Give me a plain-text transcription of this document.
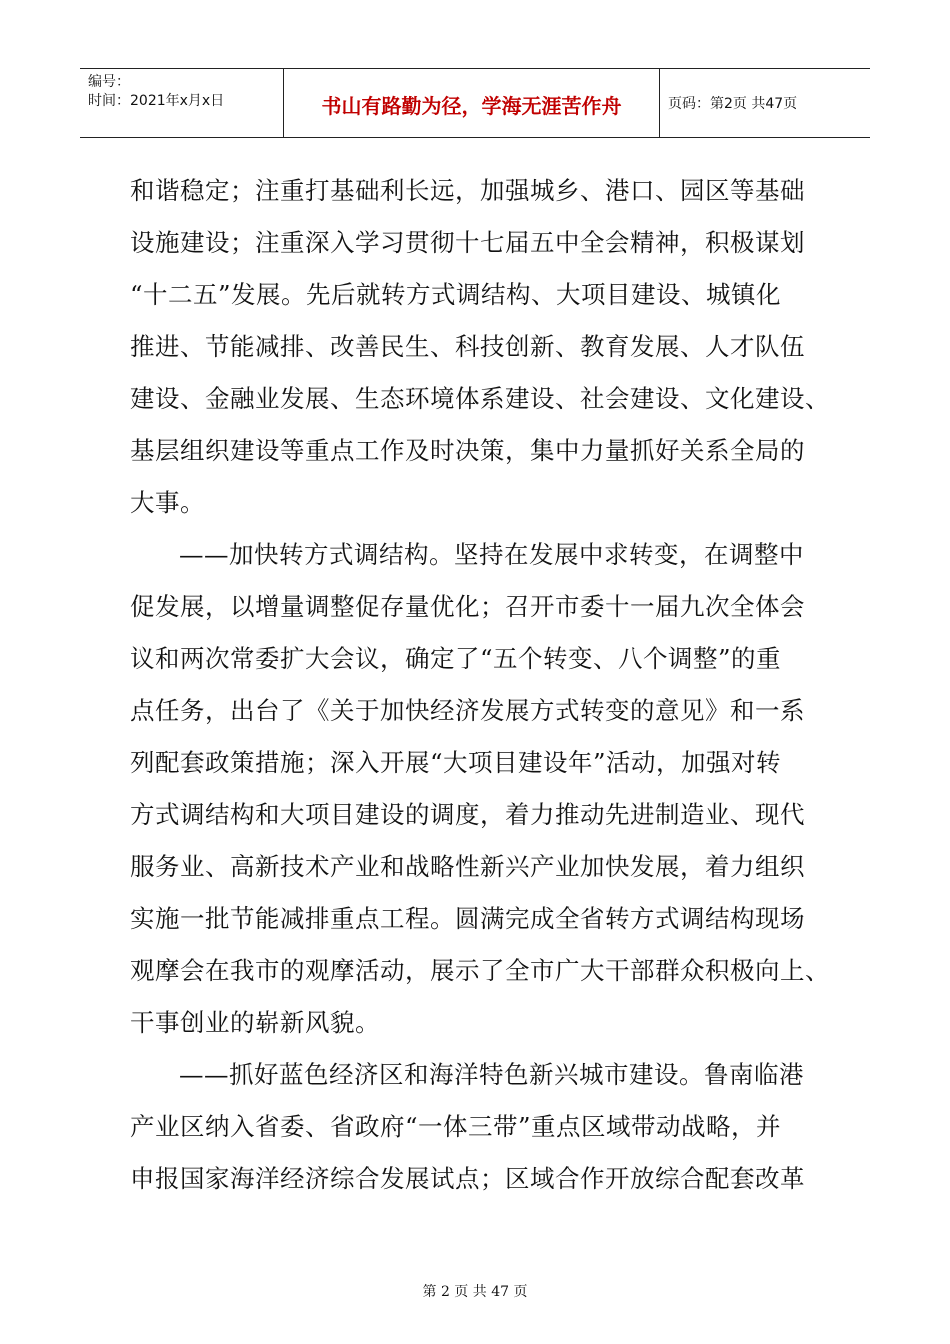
编号：
时间：2021年x月x日	书山有路勤为径，学海无涯苦作舟	页码：第2页 共47页
和谐稳定；注重打基础利长远，加强城乡、港口、园区等基础
设施建设；注重深入学习贯彻十七届五中全会精神，积极谋划
“十二五”发展。先后就转方式调结构、大项目建设、城镇化
推进、节能减排、改善民生、科技创新、教育发展、人才队伍
建设、金融业发展、生态环境体系建设、社会建设、文化建设、
基层组织建设等重点工作及时决策，集中力量抓好关系全局的
大事。
——加快转方式调结构。坚持在发展中求转变，在调整中
促发展，以增量调整促存量优化；召开市委十一届九次全体会
议和两次常委扩大会议，确定了“五个转变、八个调整”的重
点任务，出台了《关于加快经济发展方式转变的意见》和一系
列配套政策措施；深入开展“大项目建设年”活动，加强对转
方式调结构和大项目建设的调度，着力推动先进制造业、现代
服务业、高新技术产业和战略性新兴产业加快发展，着力组织
实施一批节能减排重点工程。圆满完成全省转方式调结构现场
观摩会在我市的观摩活动，展示了全市广大干部群众积极向上、
干事创业的崭新风貌。
——抓好蓝色经济区和海洋特色新兴城市建设。鲁南临港
产业区纳入省委、省政府“一体三带”重点区域带动战略，并
申报国家海洋经济综合发展试点；区域合作开放综合配套改革
第 2 页 共 47 页
